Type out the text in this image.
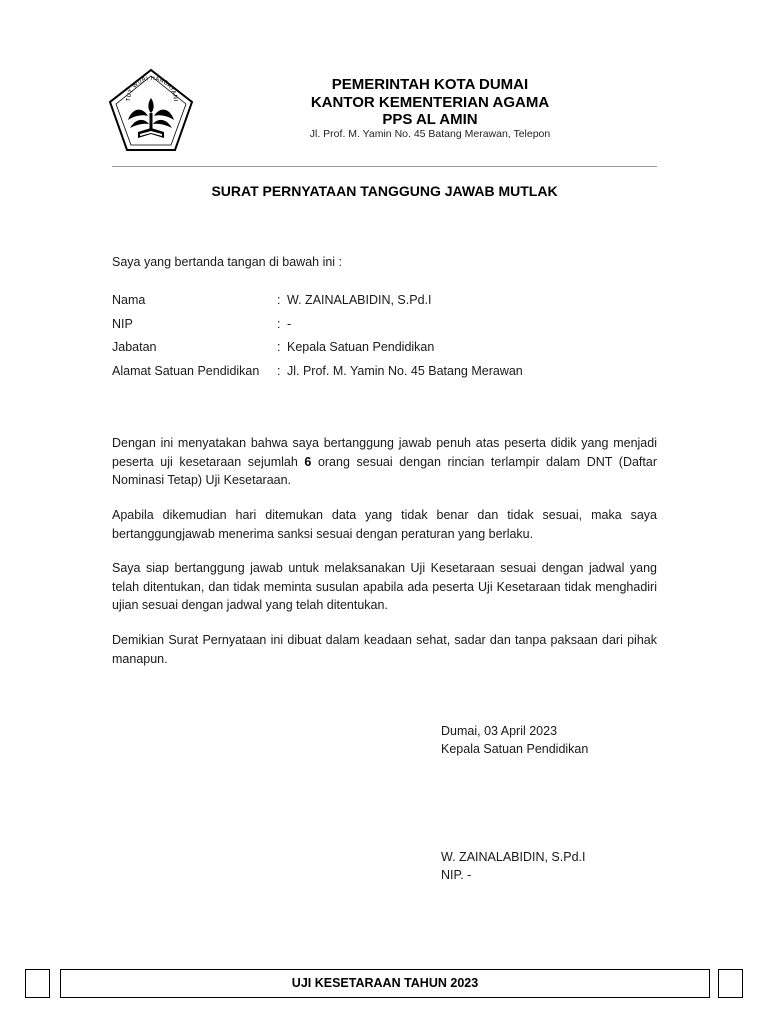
TUT WURI HANDAYANI
PEMERINTAH KOTA DUMAI
KANTOR KEMENTERIAN AGAMA
PPS AL AMIN
Jl. Prof. M. Yamin No. 45 Batang Merawan, Telepon
SURAT PERNYATAAN TANGGUNG JAWAB MUTLAK
Saya yang bertanda tangan di bawah ini :
Nama	: W. ZAINALABIDIN, S.Pd.I
NIP	: -
Jabatan	: Kepala Satuan Pendidikan
Alamat Satuan Pendidikan : Jl. Prof. M. Yamin No. 45 Batang Merawan

Dengan ini menyatakan bahwa saya bertanggung jawab penuh atas peserta didik yang menjadi peserta uji kesetaraan sejumlah 6 orang sesuai dengan rincian terlampir dalam DNT (Daftar Nominasi Tetap) Uji Kesetaraan.

Apabila dikemudian hari ditemukan data yang tidak benar dan tidak sesuai, maka saya bertanggungjawab menerima sanksi sesuai dengan peraturan yang berlaku.

Saya siap bertanggung jawab untuk melaksanakan Uji Kesetaraan sesuai dengan jadwal yang telah ditentukan, dan tidak meminta susulan apabila ada peserta Uji Kesetaraan tidak menghadiri ujian sesuai dengan jadwal yang telah ditentukan.

Demikian Surat Pernyataan ini dibuat dalam keadaan sehat, sadar dan tanpa paksaan dari pihak manapun.

Dumai, 03 April 2023
Kepala Satuan Pendidikan
W. ZAINALABIDIN, S.Pd.I
NIP. -
UJI KESETARAAN TAHUN 2023
